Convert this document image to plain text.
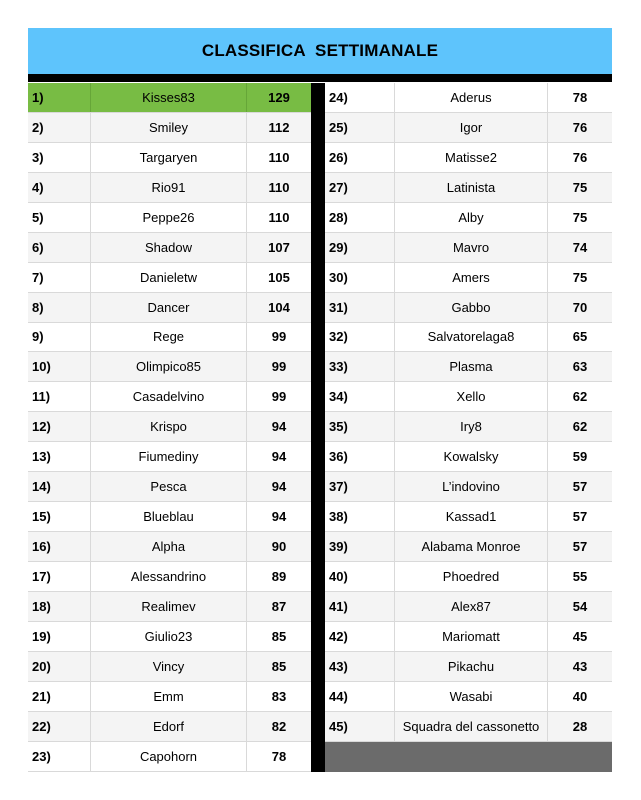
CLASSIFICA  SETTIMANALE
1)	Kisses83	129
2)	Smiley	112
3)	Targaryen	110
4)	Rio91	110
5)	Peppe26	110
6)	Shadow	107
7)	Danieletw	105
8)	Dancer	104
9)	Rege	99
10)	Olimpico85	99
11)	Casadelvino	99
12)	Krispo	94
13)	Fiumediny	94
14)	Pesca	94
15)	Blueblau	94
16)	Alpha	90
17)	Alessandrino	89
18)	Realimev	87
19)	Giulio23	85
20)	Vincy	85
21)	Emm	83
22)	Edorf	82
23)	Capohorn	78
24)	Aderus	78
25)	Igor	76
26)	Matisse2	76
27)	Latinista	75
28)	Alby	75
29)	Mavro	74
30)	Amers	75
31)	Gabbo	70
32)	Salvatorelaga8	65
33)	Plasma	63
34)	Xello	62
35)	Iry8	62
36)	Kowalsky	59
37)	L’indovino	57
38)	Kassad1	57
39)	Alabama Monroe	57
40)	Phoedred	55
41)	Alex87	54
42)	Mariomatt	45
43)	Pikachu	43
44)	Wasabi	40
45)	Squadra del cassonetto	28
